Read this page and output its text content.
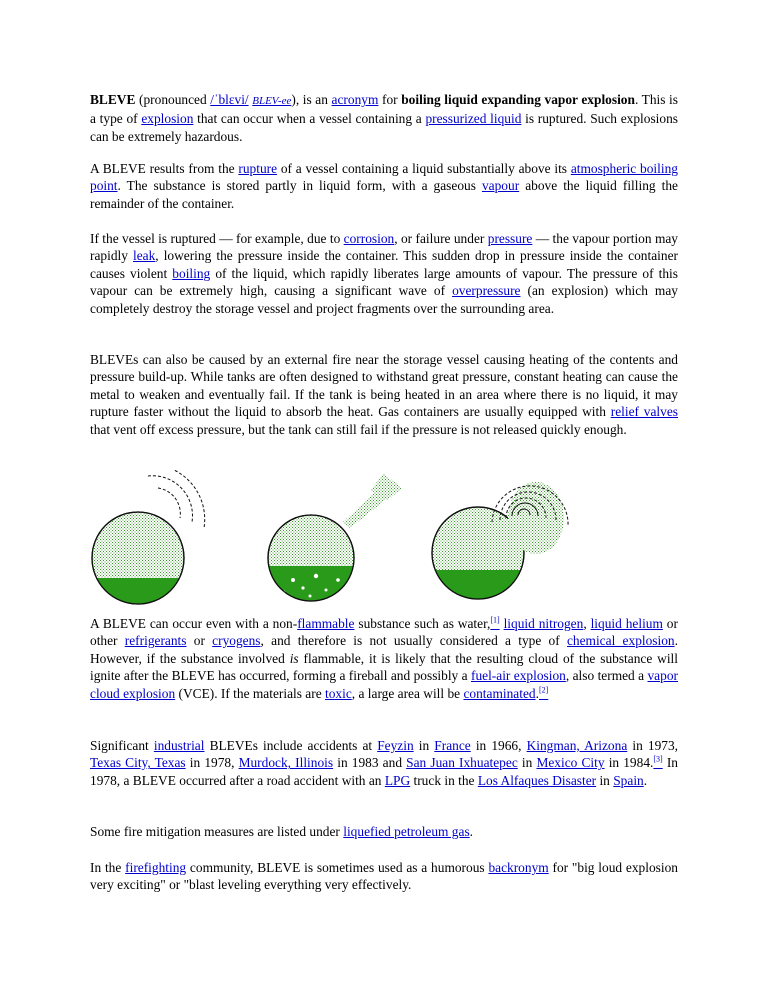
BLEVE (pronounced /ˈblɛvi/ BLEV-ee), is an acronym for boiling liquid expanding vapor explosion. This is a type of explosion that can occur when a vessel containing a pressurized liquid is ruptured. Such explosions can be extremely hazardous.

A BLEVE results from the rupture of a vessel containing a liquid substantially above its atmospheric boiling point. The substance is stored partly in liquid form, with a gaseous vapour above the liquid filling the remainder of the container.

If the vessel is ruptured — for example, due to corrosion, or failure under pressure — the vapour portion may rapidly leak, lowering the pressure inside the container. This sudden drop in pressure inside the container causes violent boiling of the liquid, which rapidly liberates large amounts of vapour. The pressure of this vapour can be extremely high, causing a significant wave of overpressure (an explosion) which may completely destroy the storage vessel and project fragments over the surrounding area.

BLEVEs can also be caused by an external fire near the storage vessel causing heating of the contents and pressure build-up. While tanks are often designed to withstand great pressure, constant heating can cause the metal to weaken and eventually fail. If the tank is being heated in an area where there is no liquid, it may rupture faster without the liquid to absorb the heat. Gas containers are usually equipped with relief valves that vent off excess pressure, but the tank can still fail if the pressure is not released quickly enough.

A BLEVE can occur even with a non-flammable substance such as water,[1] liquid nitrogen, liquid helium or other refrigerants or cryogens, and therefore is not usually considered a type of chemical explosion. However, if the substance involved is flammable, it is likely that the resulting cloud of the substance will ignite after the BLEVE has occurred, forming a fireball and possibly a fuel-air explosion, also termed a vapor cloud explosion (VCE). If the materials are toxic, a large area will be contaminated.[2]

Significant industrial BLEVEs include accidents at Feyzin in France in 1966, Kingman, Arizona in 1973, Texas City, Texas in 1978, Murdock, Illinois in 1983 and San Juan Ixhuatepec in Mexico City in 1984.[3] In 1978, a BLEVE occurred after a road accident with an LPG truck in the Los Alfaques Disaster in Spain.

Some fire mitigation measures are listed under liquefied petroleum gas.

In the firefighting community, BLEVE is sometimes used as a humorous backronym for "big loud explosion very exciting" or "blast leveling everything very effectively.
